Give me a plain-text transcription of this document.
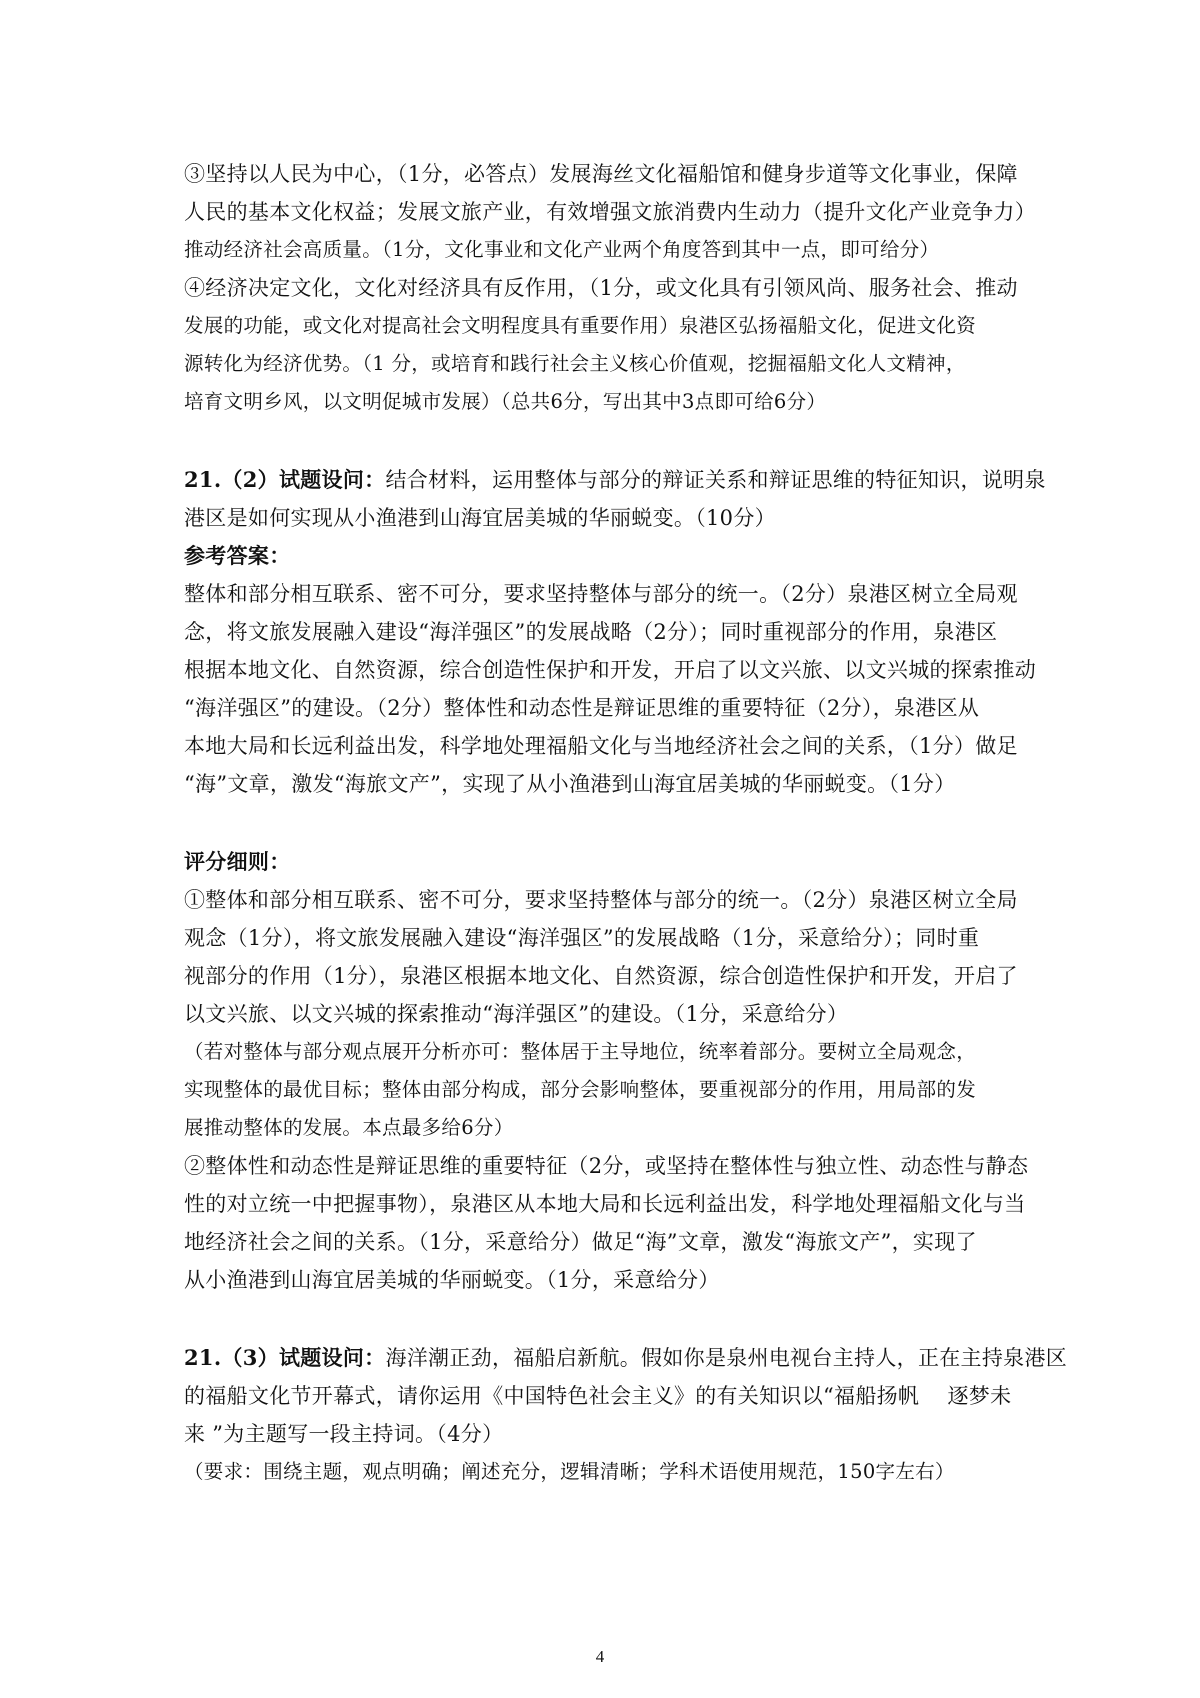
③坚持以人民为中心，（1分，必答点）发展海丝文化福船馆和健身步道等文化事业，保障
人民的基本文化权益；发展文旅产业，有效增强文旅消费内生动力（提升文化产业竞争力）
推动经济社会高质量。（1分，文化事业和文化产业两个角度答到其中一点，即可给分）
④经济决定文化，文化对经济具有反作用，（1分，或文化具有引领风尚、服务社会、推动
发展的功能，或文化对提高社会文明程度具有重要作用）泉港区弘扬福船文化，促进文化资
源转化为经济优势。（1 分，或培育和践行社会主义核心价值观，挖掘福船文化人文精神，
培育文明乡风，以文明促城市发展）（总共6分，写出其中3点即可给6分）
21.（2）试题设问：结合材料，运用整体与部分的辩证关系和辩证思维的特征知识，说明泉
港区是如何实现从小渔港到山海宜居美城的华丽蜕变。（10分）
参考答案：
整体和部分相互联系、密不可分，要求坚持整体与部分的统一。（2分）泉港区树立全局观
念，将文旅发展融入建设“海洋强区”的发展战略（2分）；同时重视部分的作用，泉港区
根据本地文化、自然资源，综合创造性保护和开发，开启了以文兴旅、以文兴城的探索推动
“海洋强区”的建设。（2分）整体性和动态性是辩证思维的重要特征（2分），泉港区从
本地大局和长远利益出发，科学地处理福船文化与当地经济社会之间的关系，（1分）做足
“海”文章，激发“海旅文产”，实现了从小渔港到山海宜居美城的华丽蜕变。（1分）
评分细则：
①整体和部分相互联系、密不可分，要求坚持整体与部分的统一。（2分）泉港区树立全局
观念（1分），将文旅发展融入建设“海洋强区”的发展战略（1分，采意给分）；同时重
视部分的作用（1分），泉港区根据本地文化、自然资源，综合创造性保护和开发，开启了
以文兴旅、以文兴城的探索推动“海洋强区”的建设。（1分，采意给分）
（若对整体与部分观点展开分析亦可：整体居于主导地位，统率着部分。要树立全局观念，
实现整体的最优目标；整体由部分构成，部分会影响整体，要重视部分的作用，用局部的发
展推动整体的发展。本点最多给6分）
②整体性和动态性是辩证思维的重要特征（2分，或坚持在整体性与独立性、动态性与静态
性的对立统一中把握事物），泉港区从本地大局和长远利益出发，科学地处理福船文化与当
地经济社会之间的关系。（1分，采意给分）做足“海”文章，激发“海旅文产”，实现了
从小渔港到山海宜居美城的华丽蜕变。（1分，采意给分）
21.（3）试题设问：海洋潮正劲，福船启新航。假如你是泉州电视台主持人，正在主持泉港区
的福船文化节开幕式，请你运用《中国特色社会主义》的有关知识以“福船扬帆　 逐梦未
来 ”为主题写一段主持词。（4分）
（要求：围绕主题，观点明确；阐述充分，逻辑清晰；学科术语使用规范，150字左右）
4
